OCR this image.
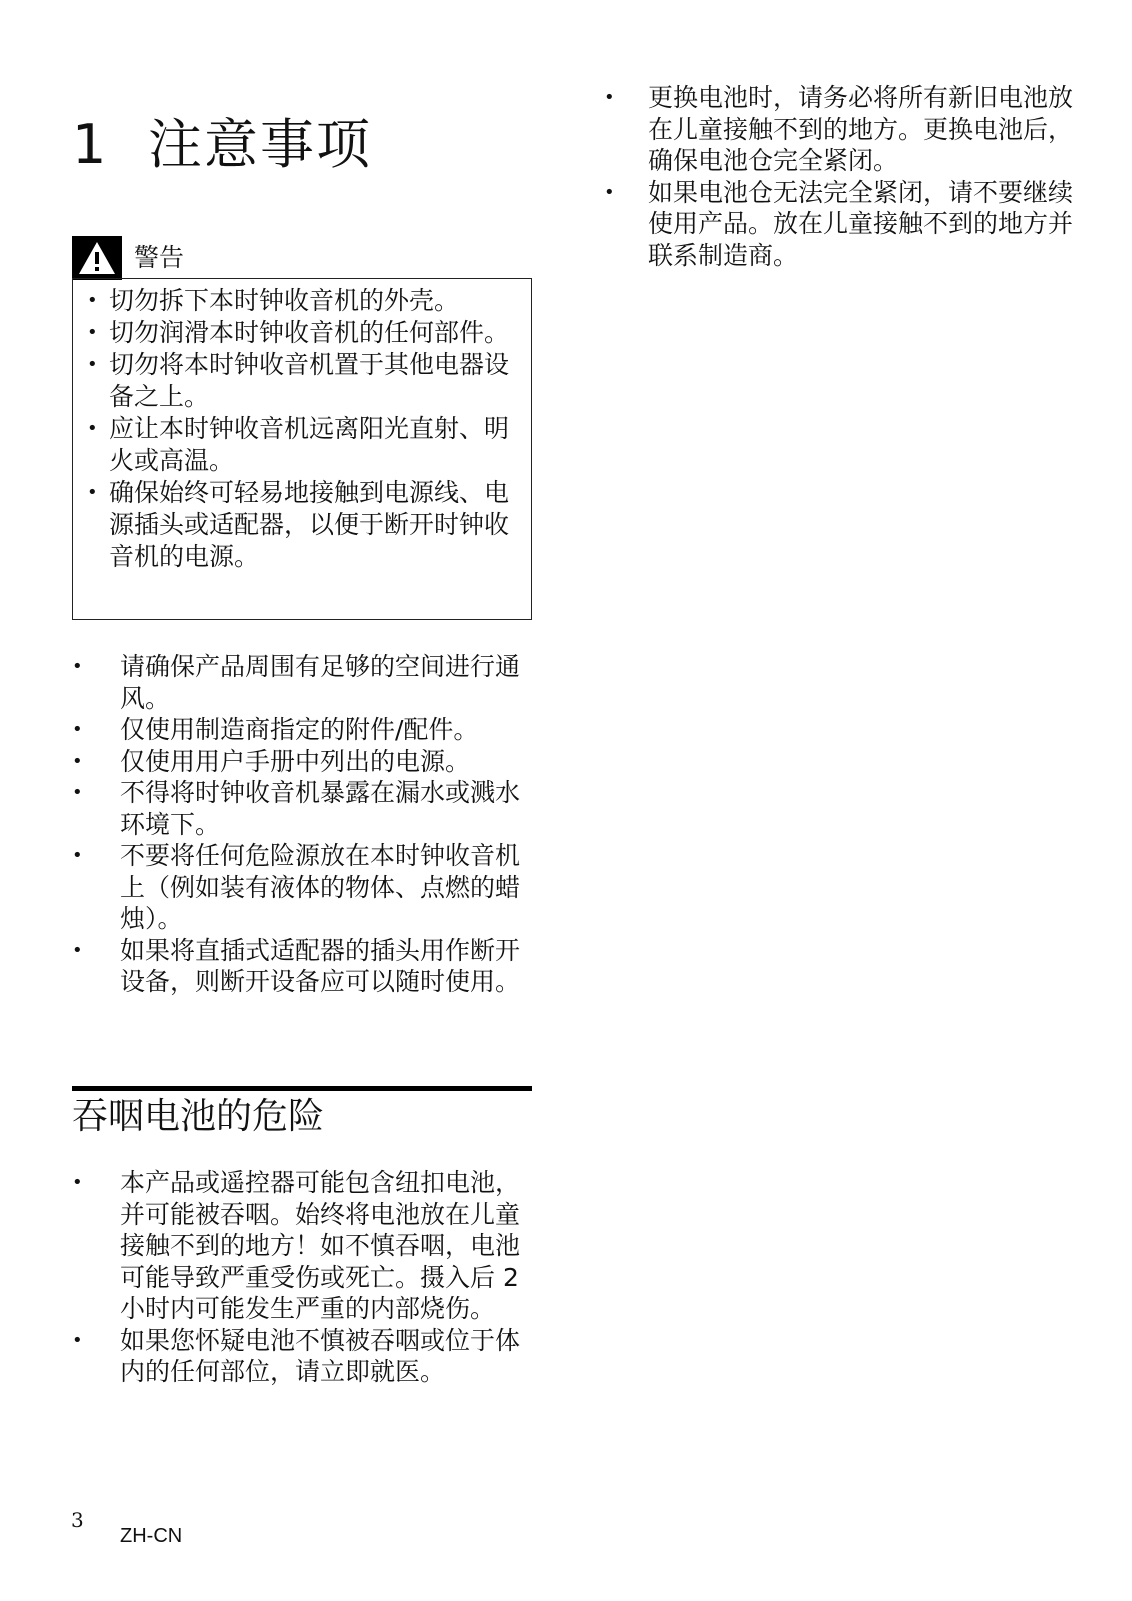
1 注意事项
警告
• 切勿拆下本时钟收音机的外壳。
• 切勿润滑本时钟收音机的任何部件。
• 切勿将本时钟收音机置于其他电器设备之上。
• 应让本时钟收音机远离阳光直射、明火或高温。
• 确保始终可轻易地接触到电源线、电源插头或适配器，以便于断开时钟收音机的电源。
• 请确保产品周围有足够的空间进行通风。
• 仅使用制造商指定的附件/配件。
• 仅使用用户手册中列出的电源。
• 不得将时钟收音机暴露在漏水或溅水环境下。
• 不要将任何危险源放在本时钟收音机上（例如装有液体的物体、点燃的蜡烛）。
• 如果将直插式适配器的插头用作断开设备，则断开设备应可以随时使用。
吞咽电池的危险
• 本产品或遥控器可能包含纽扣电池，并可能被吞咽。始终将电池放在儿童接触不到的地方！如不慎吞咽，电池可能导致严重受伤或死亡。摄入后 2 小时内可能发生严重的内部烧伤。
• 如果您怀疑电池不慎被吞咽或位于体内的任何部位，请立即就医。
• 更换电池时，请务必将所有新旧电池放在儿童接触不到的地方。更换电池后，确保电池仓完全紧闭。
• 如果电池仓无法完全紧闭，请不要继续使用产品。放在儿童接触不到的地方并联系制造商。
3
ZH-CN
